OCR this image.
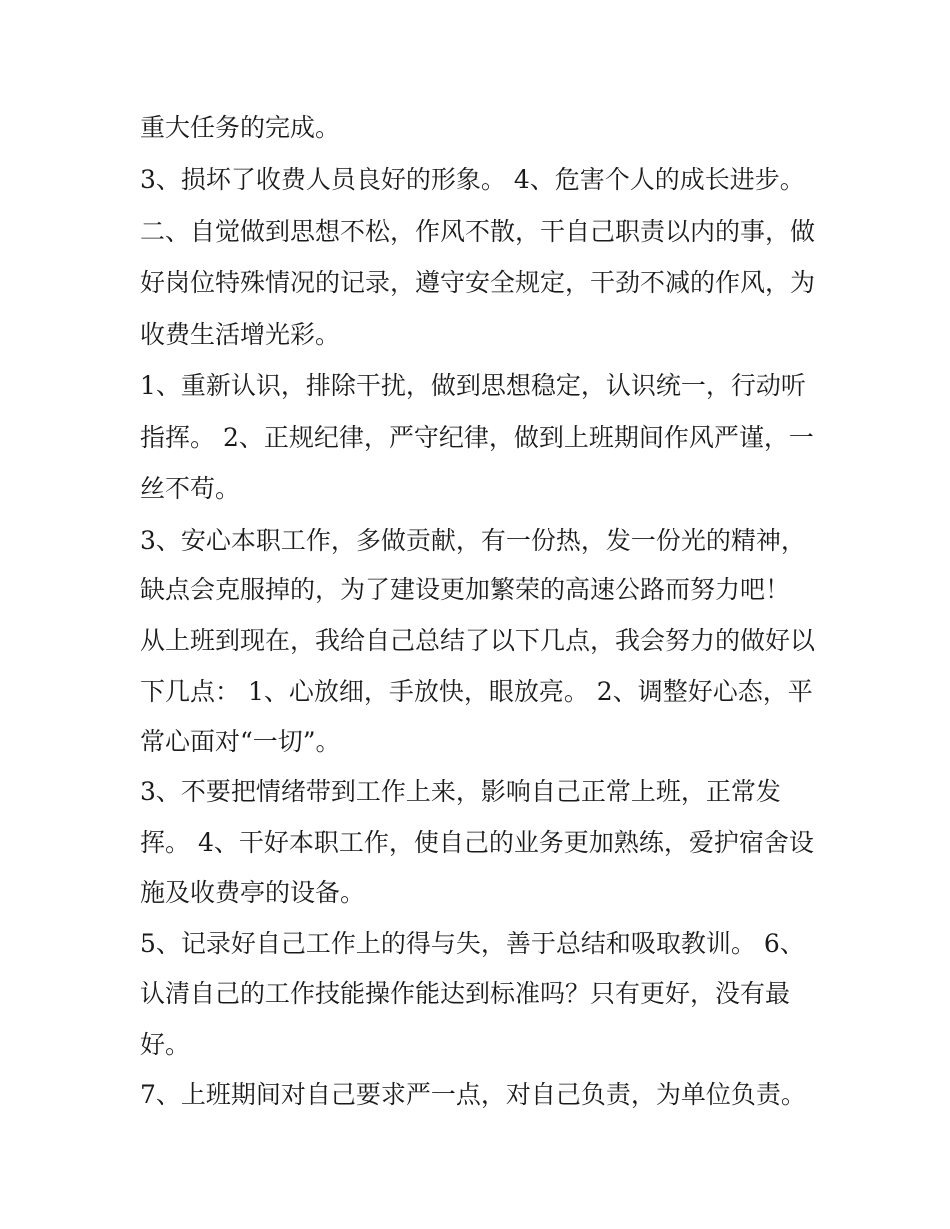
重大任务的完成。
3、损坏了收费人员良好的形象。 4、危害个人的成长进步。
二、自觉做到思想不松，作风不散，干自己职责以内的事，做
好岗位特殊情况的记录，遵守安全规定，干劲不减的作风，为
收费生活增光彩。
1、重新认识，排除干扰，做到思想稳定，认识统一，行动听
指挥。 2、正规纪律，严守纪律，做到上班期间作风严谨，一
丝不苟。
3、安心本职工作，多做贡献，有一份热，发一份光的精神，
缺点会克服掉的，为了建设更加繁荣的高速公路而努力吧！
从上班到现在，我给自己总结了以下几点，我会努力的做好以
下几点： 1、心放细，手放快，眼放亮。 2、调整好心态，平
常心面对“一切”。
3、不要把情绪带到工作上来，影响自己正常上班，正常发
挥。 4、干好本职工作，使自己的业务更加熟练，爱护宿舍设
施及收费亭的设备。
5、记录好自己工作上的得与失，善于总结和吸取教训。 6、
认清自己的工作技能操作能达到标准吗？只有更好，没有最
好。
7、上班期间对自己要求严一点，对自己负责，为单位负责。
